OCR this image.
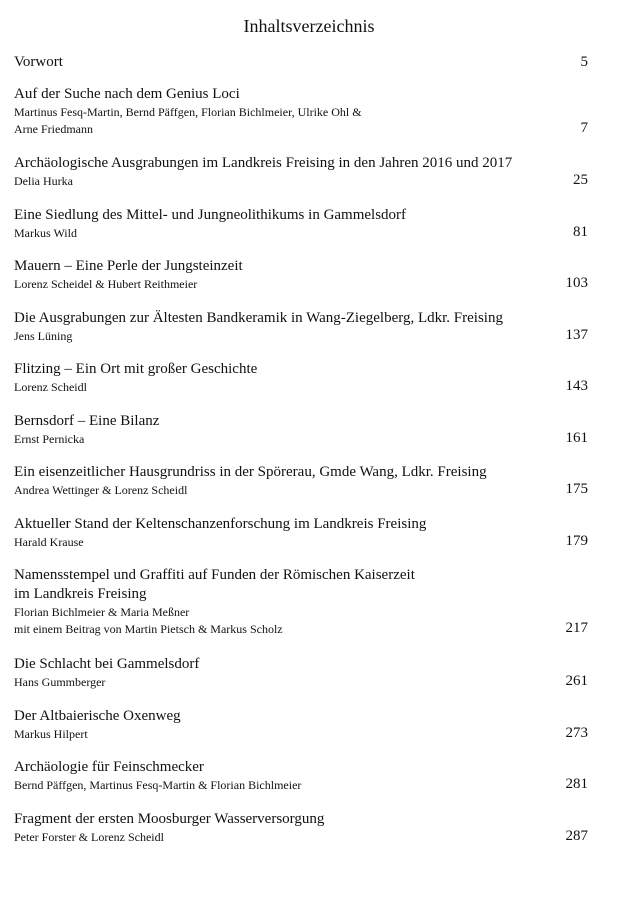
Inhaltsverzeichnis
Vorwort	5
Auf der Suche nach dem Genius Loci
Martinus Fesq-Martin, Bernd Päffgen, Florian Bichlmeier, Ulrike Ohl &
Arne Friedmann	7
Archäologische Ausgrabungen im Landkreis Freising in den Jahren 2016 und 2017
Delia Hurka	25
Eine Siedlung des Mittel- und Jungneolithikums in Gammelsdorf
Markus Wild	81
Mauern – Eine Perle der Jungsteinzeit
Lorenz Scheidel & Hubert Reithmeier	103
Die Ausgrabungen zur Ältesten Bandkeramik in Wang-Ziegelberg, Ldkr. Freising
Jens Lüning	137
Flitzing – Ein Ort mit großer Geschichte
Lorenz Scheidl	143
Bernsdorf – Eine Bilanz
Ernst Pernicka	161
Ein eisenzeitlicher Hausgrundriss in der Spörerau, Gmde Wang, Ldkr. Freising
Andrea Wettinger & Lorenz Scheidl	175
Aktueller Stand der Keltenschanzenforschung im Landkreis Freising
Harald Krause	179
Namensstempel und Graffiti auf Funden der Römischen Kaiserzeit
im Landkreis Freising
Florian Bichlmeier & Maria Meßner
mit einem Beitrag von Martin Pietsch & Markus Scholz	217
Die Schlacht bei Gammelsdorf
Hans Gummberger	261
Der Altbaierische Oxenweg
Markus Hilpert	273
Archäologie für Feinschmecker
Bernd Päffgen, Martinus Fesq-Martin & Florian Bichlmeier	281
Fragment der ersten Moosburger Wasserversorgung
Peter Forster & Lorenz Scheidl	287
